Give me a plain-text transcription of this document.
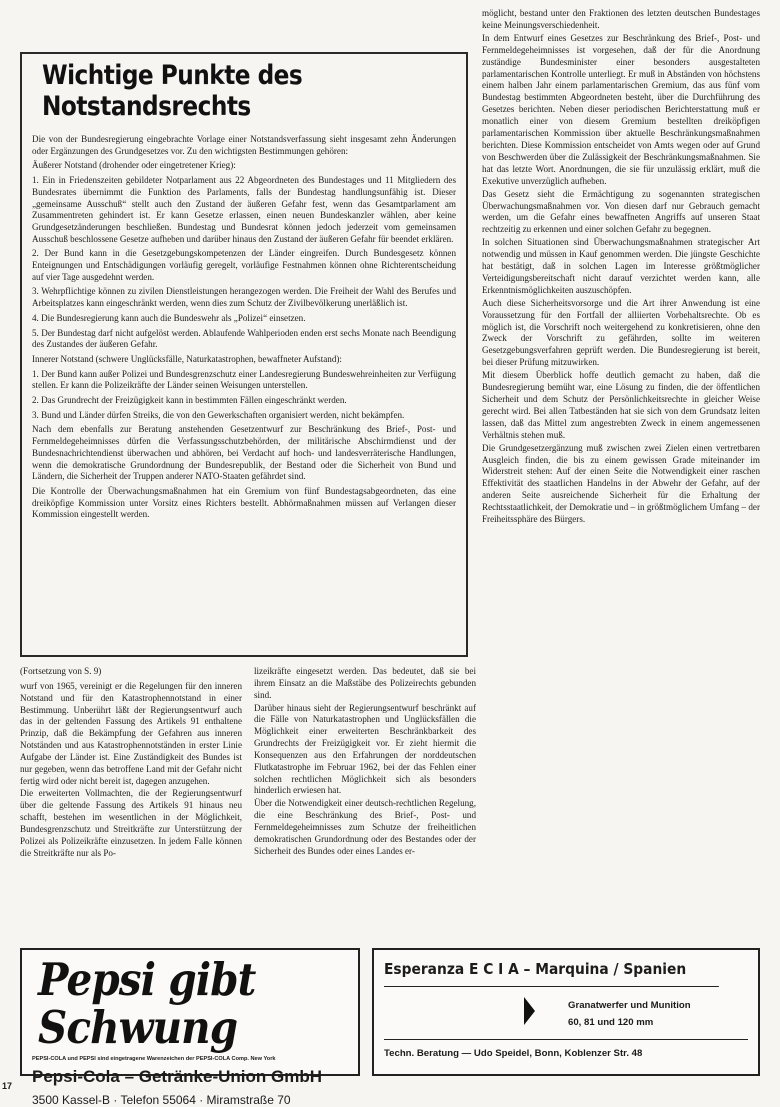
Wichtige Punkte des Notstandsrechts

Die von der Bundesregierung eingebrachte Vorlage einer Notstandsverfassung sieht insgesamt zehn Änderungen oder Ergänzungen des Grundgesetzes vor. Zu den wichtigsten Bestimmungen gehören:

Äußerer Notstand (drohender oder eingetretener Krieg):

1. Ein in Friedenszeiten gebildeter Notparlament aus 22 Abgeordneten des Bundestages und 11 Mitgliedern des Bundesrates übernimmt die Funktion des Parlaments, falls der Bundestag handlungsunfähig ist. Dieser „gemeinsame Ausschuß“ stellt auch den Zustand der äußeren Gefahr fest, wenn das Gesamtparlament am Zusammentreten gehindert ist. Er kann Gesetze erlassen, einen neuen Bundeskanzler wählen, aber keine Grundgesetzänderungen beschließen. Bundestag und Bundesrat können jedoch jederzeit vom gemeinsamen Ausschuß beschlossene Gesetze aufheben und darüber hinaus den Zustand der äußeren Gefahr für beendet erklären.

2. Der Bund kann in die Gesetzgebungskompetenzen der Länder eingreifen. Durch Bundesgesetz können Enteignungen und Entschädigungen vorläufig geregelt, vorläufige Festnahmen können ohne Richterentscheidung auf vier Tage ausgedehnt werden.

3. Wehrpflichtige können zu zivilen Dienstleistungen herangezogen werden. Die Freiheit der Wahl des Berufes und Arbeitsplatzes kann eingeschränkt werden, wenn dies zum Schutz der Zivilbevölkerung unerläßlich ist.

4. Die Bundesregierung kann auch die Bundeswehr als „Polizei“ einsetzen.

5. Der Bundestag darf nicht aufgelöst werden. Ablaufende Wahlperioden enden erst sechs Monate nach Beendigung des Zustandes der äußeren Gefahr.

Innerer Notstand (schwere Unglücksfälle, Naturkatastrophen, bewaffneter Aufstand):

1. Der Bund kann außer Polizei und Bundesgrenzschutz einer Landesregierung Bundeswehreinheiten zur Verfügung stellen. Er kann die Polizeikräfte der Länder seinen Weisungen unterstellen.

2. Das Grundrecht der Freizügigkeit kann in bestimmten Fällen eingeschränkt werden.

3. Bund und Länder dürfen Streiks, die von den Gewerkschaften organisiert werden, nicht bekämpfen.

Nach dem ebenfalls zur Beratung anstehenden Gesetzentwurf zur Beschränkung des Brief-, Post- und Fernmeldegeheimnisses dürfen die Verfassungsschutzbehörden, der militärische Abschirmdienst und der Bundesnachrichtendienst überwachen und abhören, bei Verdacht auf hoch- und landesverräterische Handlungen, wenn die demokratische Grundordnung der Bundesrepublik, der Bestand oder die Sicherheit von Bund und Ländern, die Sicherheit der Truppen anderer NATO-Staaten gefährdet sind.

Die Kontrolle der Überwachungsmaßnahmen hat ein Gremium von fünf Bundestagsabgeordneten, das eine dreiköpfige Kommission unter Vorsitz eines Richters bestellt. Abhörmaßnahmen müssen auf Verlangen dieser Kommission eingestellt werden.

möglicht, bestand unter den Fraktionen des letzten deutschen Bundestages keine Meinungsverschiedenheit.

In dem Entwurf eines Gesetzes zur Beschränkung des Brief-, Post- und Fernmeldegeheimnisses ist vorgesehen, daß der für die Anordnung zuständige Bundesminister einer besonders ausgestalteten parlamentarischen Kontrolle unterliegt. Er muß in Abständen von höchstens einem halben Jahr einem parlamentarischen Gremium, das aus fünf vom Bundestag bestimmten Abgeordneten besteht, über die Durchführung des Gesetzes berichten. Neben dieser periodischen Berichterstattung muß er monatlich einer von diesem Gremium bestellten dreiköpfigen parlamentarischen Kommission über aktuelle Beschränkungsmaßnahmen berichten. Diese Kommission entscheidet von Amts wegen oder auf Grund von Beschwerden über die Zulässigkeit der Beschränkungsmaßnahmen. Sie hat das letzte Wort. Anordnungen, die sie für unzulässig erklärt, muß die Exekutive unverzüglich aufheben.

Das Gesetz sieht die Ermächtigung zu sogenannten strategischen Überwachungsmaßnahmen vor. Von diesen darf nur Gebrauch gemacht werden, um die Gefahr eines bewaffneten Angriffs auf unseren Staat rechtzeitig zu erkennen und einer solchen Gefahr zu begegnen.

In solchen Situationen sind Überwachungsmaßnahmen strategischer Art notwendig und müssen in Kauf genommen werden. Die jüngste Geschichte hat bestätigt, daß in solchen Lagen im Interesse größtmöglicher Verteidigungsbereitschaft nicht darauf verzichtet werden kann, alle Erkenntnismöglichkeiten auszuschöpfen.

Auch diese Sicherheitsvorsorge und die Art ihrer Anwendung ist eine Voraussetzung für den Fortfall der alliierten Vorbehaltsrechte. Ob es möglich ist, die Vorschrift noch weitergehend zu konkretisieren, ohne den Zweck der Vorschrift zu gefährden, sollte im weiteren Gesetzgebungsverfahren geprüft werden. Die Bundesregierung ist bereit, bei dieser Prüfung mitzuwirken.

Mit diesem Überblick hoffe deutlich gemacht zu haben, daß die Bundesregierung bemüht war, eine Lösung zu finden, die der öffentlichen Sicherheit und dem Schutz der Persönlichkeitsrechte in gleicher Weise gerecht wird. Bei allen Tatbeständen hat sie sich von dem Grundsatz leiten lassen, daß das Mittel zum angestrebten Zweck in einem angemessenen Verhältnis stehen muß.

Die Grundgesetzergänzung muß zwischen zwei Zielen einen vertretbaren Ausgleich finden, die bis zu einem gewissen Grade miteinander im Widerstreit stehen: Auf der einen Seite die Notwendigkeit einer raschen Effektivität des staatlichen Handelns in der Abwehr der Gefahr, auf der anderen Seite ausreichende Sicherheit für die Erhaltung der Rechtsstaatlichkeit, der Demokratie und – in größtmöglichem Umfang – der Freiheitssphäre des Bürgers.

(Fortsetzung von S. 9)

wurf von 1965, vereinigt er die Regelungen für den inneren Notstand und für den Katastrophennotstand in einer Bestimmung. Unberührt läßt der Regierungsentwurf auch das in der geltenden Fassung des Artikels 91 enthaltene Prinzip, daß die Bekämpfung der Gefahren aus inneren Notständen und aus Katastrophennotständen in erster Linie Aufgabe der Länder ist. Eine Zuständigkeit des Bundes ist nur gegeben, wenn das betroffene Land mit der Gefahr nicht fertig wird oder nicht bereit ist, dagegen anzugehen.

Die erweiterten Vollmachten, die der Regierungsentwurf über die geltende Fassung des Artikels 91 hinaus neu schafft, bestehen im wesentlichen in der Möglichkeit, Bundesgrenzschutz und Streitkräfte zur Unterstützung der Polizei als Polizeikräfte einzusetzen. In jedem Falle können die Streitkräfte nur als Po-

lizeikräfte eingesetzt werden. Das bedeutet, daß sie bei ihrem Einsatz an die Maßstäbe des Polizeirechts gebunden sind.

Darüber hinaus sieht der Regierungsentwurf beschränkt auf die Fälle von Naturkatastrophen und Unglücksfällen die Möglichkeit einer erweiterten Beschränkbarkeit des Grundrechts der Freizügigkeit vor. Er zieht hiermit die Konsequenzen aus den Erfahrungen der norddeutschen Flutkatastrophe im Februar 1962, bei der das Fehlen einer solchen rechtlichen Möglichkeit sich als besonders hinderlich erwiesen hat.

Über die Notwendigkeit einer deutsch-rechtlichen Regelung, die eine Beschränkung des Brief-, Post- und Fernmeldegeheimnisses zum Schutze der freiheitlichen demokratischen Grundordnung oder des Bestandes oder der Sicherheit des Bundes oder eines Landes er-

Pepsi gibt Schwung
PEPSI-COLA und PEPSI sind eingetragene Warenzeichen der PEPSI-COLA Comp. New York
Pepsi-Cola – Getränke-Union GmbH
3500 Kassel-B · Telefon 55064 · Miramstraße 70
Esperanza E C I A – Marquina / Spanien
Granatwerfer und Munition
60, 81 und 120 mm
Techn. Beratung — Udo Speidel, Bonn, Koblenzer Str. 48
17
